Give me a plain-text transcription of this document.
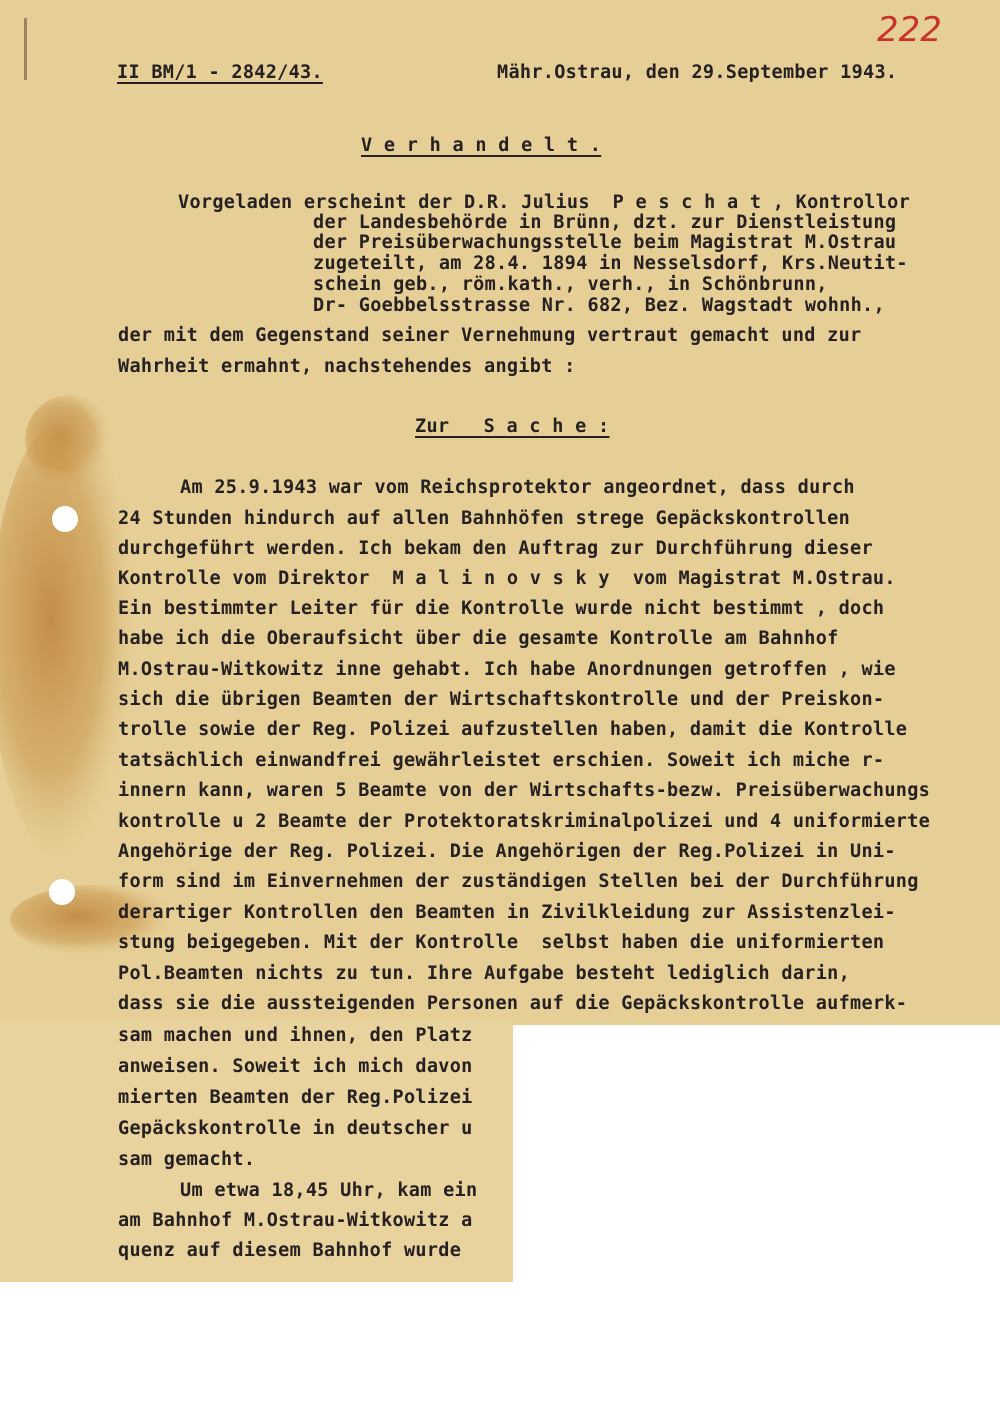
222
II BM/1 - 2842/43.	Mähr.Ostrau, den 29.September 1943.
V e r h a n d e l t .
Vorgeladen erscheint der D.R. Julius  P e s c h a t , Kontrollor
der Landesbehörde in Brünn, dzt. zur Dienstleistung
der Preisüberwachungsstelle beim Magistrat M.Ostrau
zugeteilt, am 28.4. 1894 in Nesselsdorf, Krs.Neutit-
schein geb., röm.kath., verh., in Schönbrunn,
Dr- Goebbelsstrasse Nr. 682, Bez. Wagstadt wohnh.,
der mit dem Gegenstand seiner Vernehmung vertraut gemacht und zur
Wahrheit ermahnt, nachstehendes angibt :
Zur   S a c h e :
Am 25.9.1943 war vom Reichsprotektor angeordnet, dass durch
24 Stunden hindurch auf allen Bahnhöfen strege Gepäckskontrollen
durchgeführt werden. Ich bekam den Auftrag zur Durchführung dieser
Kontrolle vom Direktor  M a l i n o v s k y  vom Magistrat M.Ostrau.
Ein bestimmter Leiter für die Kontrolle wurde nicht bestimmt , doch
habe ich die Oberaufsicht über die gesamte Kontrolle am Bahnhof
M.Ostrau-Witkowitz inne gehabt. Ich habe Anordnungen getroffen , wie
sich die übrigen Beamten der Wirtschaftskontrolle und der Preiskon-
trolle sowie der Reg. Polizei aufzustellen haben, damit die Kontrolle
tatsächlich einwandfrei gewährleistet erschien. Soweit ich miche r-
innern kann, waren 5 Beamte von der Wirtschafts-bezw. Preisüberwachungs
kontrolle u 2 Beamte der Protektoratskriminalpolizei und 4 uniformierte
Angehörige der Reg. Polizei. Die Angehörigen der Reg.Polizei in Uni-
form sind im Einvernehmen der zuständigen Stellen bei der Durchführung
derartiger Kontrollen den Beamten in Zivilkleidung zur Assistenzlei-
stung beigegeben. Mit der Kontrolle  selbst haben die uniformierten
Pol.Beamten nichts zu tun. Ihre Aufgabe besteht lediglich darin,
dass sie die aussteigenden Personen auf die Gepäckskontrolle aufmerk-
sam machen und ihnen, den Platz
anweisen. Soweit ich mich davon
mierten Beamten der Reg.Polizei
Gepäckskontrolle in deutscher u
sam gemacht.
Um etwa 18,45 Uhr, kam ein
am Bahnhof M.Ostrau-Witkowitz a
quenz auf diesem Bahnhof wurde
